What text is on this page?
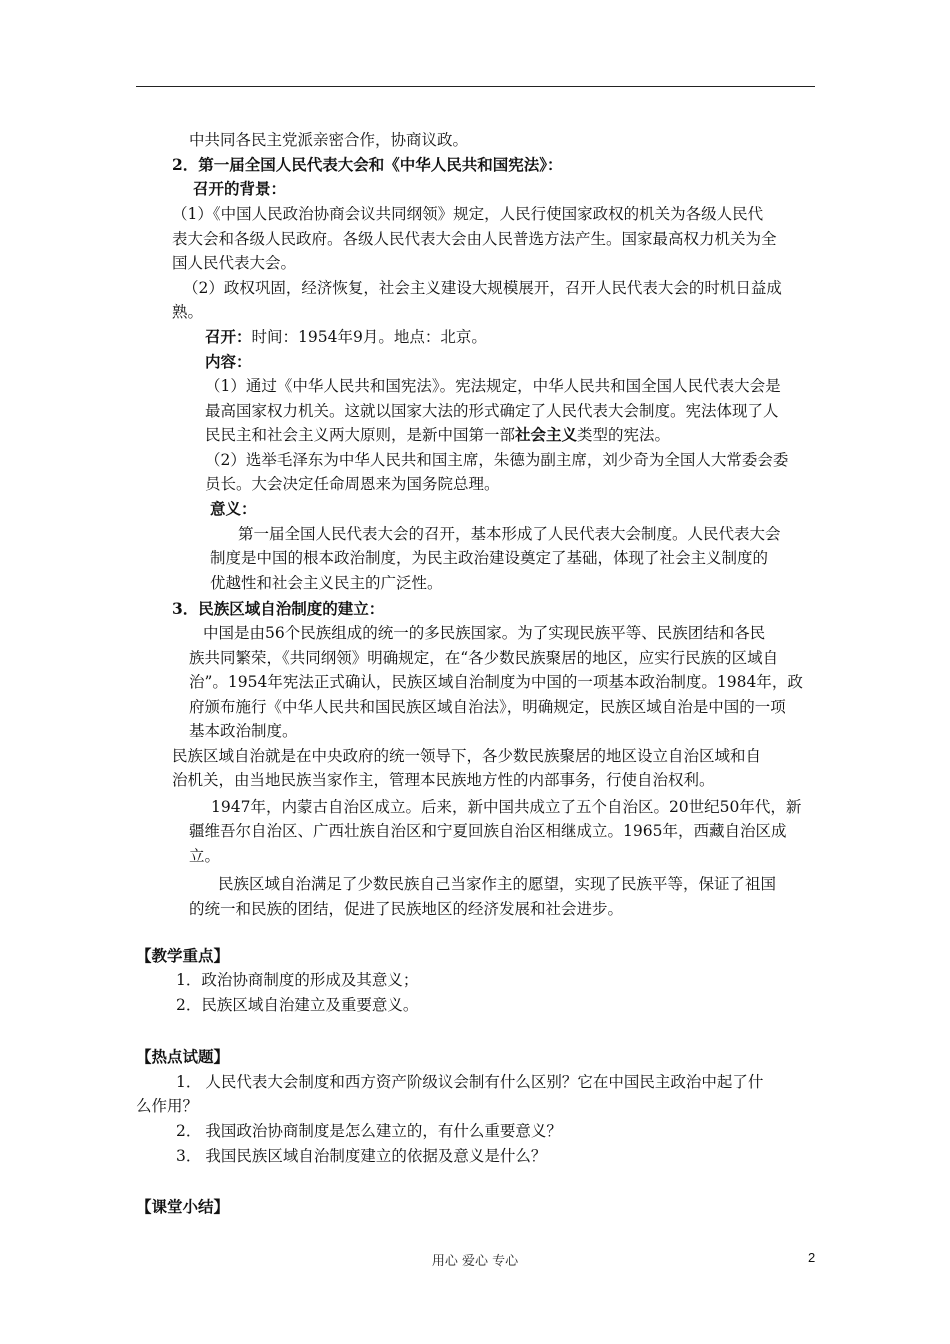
中共同各民主党派亲密合作，协商议政。
2．第一届全国人民代表大会和《中华人民共和国宪法》：
召开的背景：
（1）《中国人民政治协商会议共同纲领》规定，人民行使国家政权的机关为各级人民代
表大会和各级人民政府。各级人民代表大会由人民普选方法产生。国家最高权力机关为全
国人民代表大会。
（2）政权巩固，经济恢复，社会主义建设大规模展开，召开人民代表大会的时机日益成
熟。
召开：时间：1954年9月。地点：北京。
内容：
（1）通过《中华人民共和国宪法》。宪法规定，中华人民共和国全国人民代表大会是
最高国家权力机关。这就以国家大法的形式确定了人民代表大会制度。宪法体现了人
民民主和社会主义两大原则，是新中国第一部社会主义类型的宪法。
（2）选举毛泽东为中华人民共和国主席，朱德为副主席，刘少奇为全国人大常委会委
员长。大会决定任命周恩来为国务院总理。
意义：
第一届全国人民代表大会的召开，基本形成了人民代表大会制度。人民代表大会
制度是中国的根本政治制度，为民主政治建设奠定了基础，体现了社会主义制度的
优越性和社会主义民主的广泛性。
3．民族区域自治制度的建立：
中国是由56个民族组成的统一的多民族国家。为了实现民族平等、民族团结和各民
族共同繁荣，《共同纲领》明确规定，在“各少数民族聚居的地区，应实行民族的区域自
治”。1954年宪法正式确认，民族区域自治制度为中国的一项基本政治制度。1984年，政
府颁布施行《中华人民共和国民族区域自治法》，明确规定，民族区域自治是中国的一项
基本政治制度。
民族区域自治就是在中央政府的统一领导下，各少数民族聚居的地区设立自治区域和自
治机关，由当地民族当家作主，管理本民族地方性的内部事务，行使自治权利。
1947年，内蒙古自治区成立。后来，新中国共成立了五个自治区。20世纪50年代，新
疆维吾尔自治区、广西壮族自治区和宁夏回族自治区相继成立。1965年，西藏自治区成
立。
民族区域自治满足了少数民族自己当家作主的愿望，实现了民族平等，保证了祖国
的统一和民族的团结，促进了民族地区的经济发展和社会进步。
【教学重点】
1．政治协商制度的形成及其意义；
2．民族区域自治建立及重要意义。
【热点试题】
1． 人民代表大会制度和西方资产阶级议会制有什么区别？它在中国民主政治中起了什
么作用？
2． 我国政治协商制度是怎么建立的，有什么重要意义？
3． 我国民族区域自治制度建立的依据及意义是什么？
【课堂小结】
用心 爱心 专心	2
